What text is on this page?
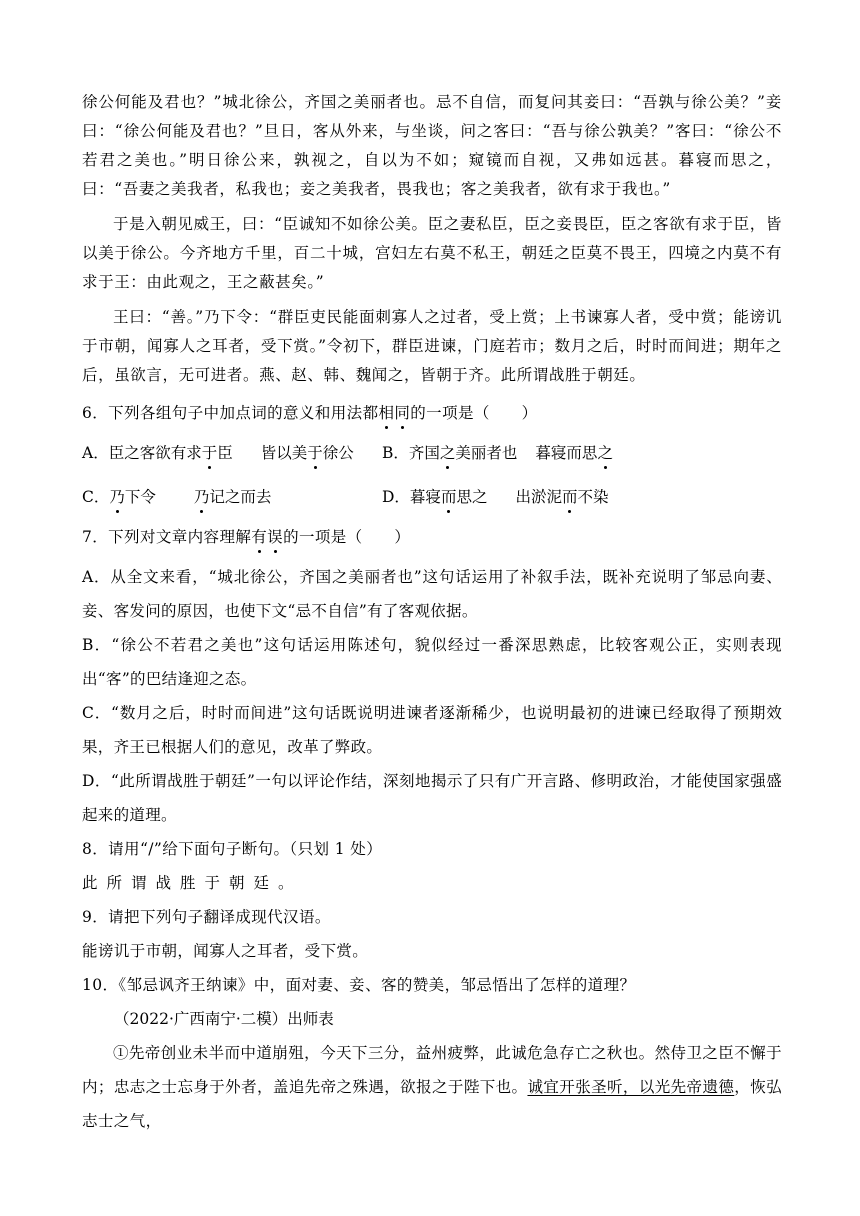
徐公何能及君也？”城北徐公，齐国之美丽者也。忌不自信，而复问其妾曰：“吾孰与徐公美？”妾曰：“徐公何能及君也？”旦日，客从外来，与坐谈，问之客曰：“吾与徐公孰美？”客曰：“徐公不若君之美也。”明日徐公来，孰视之，自以为不如；窥镜而自视，又弗如远甚。暮寝而思之，曰：“吾妻之美我者，私我也；妾之美我者，畏我也；客之美我者，欲有求于我也。”

于是入朝见威王，曰：“臣诚知不如徐公美。臣之妻私臣，臣之妾畏臣，臣之客欲有求于臣，皆以美于徐公。今齐地方千里，百二十城，宫妇左右莫不私王，朝廷之臣莫不畏王，四境之内莫不有求于王：由此观之，王之蔽甚矣。”

王曰：“善。”乃下令：“群臣吏民能面刺寡人之过者，受上赏；上书谏寡人者，受中赏；能谤讥于市朝，闻寡人之耳者，受下赏。”令初下，群臣进谏，门庭若市；数月之后，时时而间进；期年之后，虽欲言，无可进者。燕、赵、韩、魏闻之，皆朝于齐。此所谓战胜于朝廷。

6．下列各组句子中加点词的意义和用法都相同的一项是（　　）

A．臣之客欲有求于臣 皆以美于徐公	B．齐国之美丽者也 暮寝而思之
C．乃下令 乃记之而去	D．暮寝而思之 出淤泥而不染

7．下列对文章内容理解有误的一项是（　　）

A．从全文来看，“城北徐公，齐国之美丽者也”这句话运用了补叙手法，既补充说明了邹忌向妻、妾、客发问的原因，也使下文“忌不自信”有了客观依据。

B．“徐公不若君之美也”这句话运用陈述句，貌似经过一番深思熟虑，比较客观公正，实则表现出“客”的巴结逢迎之态。

C．“数月之后，时时而间进”这句话既说明进谏者逐渐稀少，也说明最初的进谏已经取得了预期效果，齐王已根据人们的意见，改革了弊政。

D．“此所谓战胜于朝廷”一句以评论作结，深刻地揭示了只有广开言路、修明政治，才能使国家强盛起来的道理。

8．请用“/”给下面句子断句。（只划 1 处）

此所谓战胜于朝廷。

9．请把下列句子翻译成现代汉语。

能谤讥于市朝，闻寡人之耳者，受下赏。

10．《邹忌讽齐王纳谏》中，面对妻、妾、客的赞美，邹忌悟出了怎样的道理？

（2022·广西南宁·二模）出师表

①先帝创业未半而中道崩殂，今天下三分，益州疲弊，此诚危急存亡之秋也。然侍卫之臣不懈于内；忠志之士忘身于外者，盖追先帝之殊遇，欲报之于陛下也。诚宜开张圣听，以光先帝遗德，恢弘志士之气，
